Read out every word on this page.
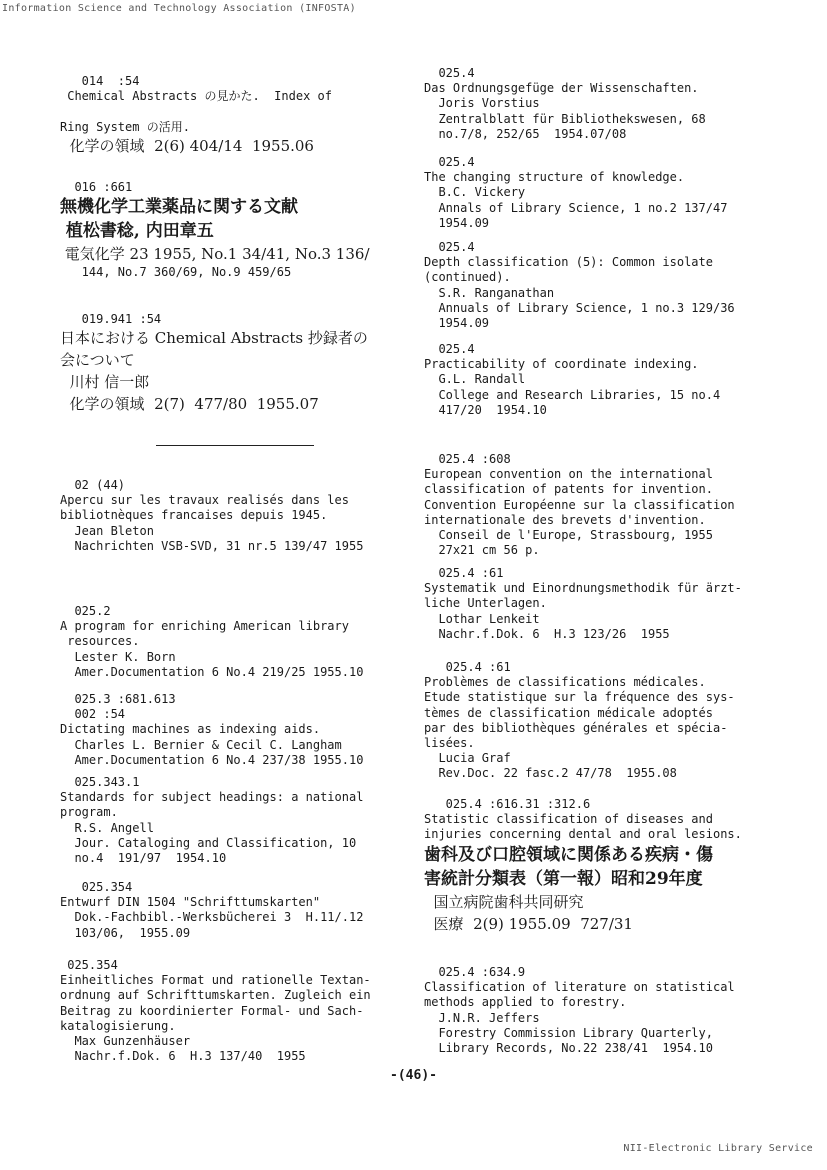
Information Science and Technology Association (INFOSTA)
014  :54
Chemical Abstracts の見かた.  Index of

Ring System の活用.
化学の領域  2(6) 404/14  1955.06
016 :661
無機化学工業薬品に関する文献
植松書稔, 内田章五
電気化学 23 1955, No.1 34/41, No.3 136/
144, No.7 360/69, No.9 459/65
019.941 :54
日本における Chemical Abstracts 抄録者の
会について
川村 信一郎
化学の領域  2(7)  477/80  1955.07
02 (44)
Apercu sur les travaux realisés dans les
bibliotnèques francaises depuis 1945.
Jean Bleton
Nachrichten VSB-SVD, 31 nr.5 139/47 1955
025.2
A program for enriching American library
resources.
Lester K. Born
Amer.Documentation 6 No.4 219/25 1955.10
025.3 :681.613
002 :54
Dictating machines as indexing aids.
Charles L. Bernier & Cecil C. Langham
Amer.Documentation 6 No.4 237/38 1955.10
025.343.1
Standards for subject headings: a national
program.
R.S. Angell
Jour. Cataloging and Classification, 10
no.4  191/97  1954.10
025.354
Entwurf DIN 1504 "Schrifttumskarten"
Dok.-Fachbibl.-Werksbücherei 3  H.11/.12
103/06,  1955.09
025.354
Einheitliches Format und rationelle Textan-
ordnung auf Schrifttumskarten. Zugleich ein
Beitrag zu koordinierter Formal- und Sach-
katalogisierung.
Max Gunzenhäuser
Nachr.f.Dok. 6  H.3 137/40  1955
025.4
Das Ordnungsgefüge der Wissenschaften.
Joris Vorstius
Zentralblatt für Bibliothekswesen, 68
no.7/8, 252/65  1954.07/08
025.4
The changing structure of knowledge.
B.C. Vickery
Annals of Library Science, 1 no.2 137/47
1954.09
025.4
Depth classification (5): Common isolate
(continued).
S.R. Ranganathan
Annuals of Library Science, 1 no.3 129/36
1954.09
025.4
Practicability of coordinate indexing.
G.L. Randall
College and Research Libraries, 15 no.4
417/20  1954.10
025.4 :608
European convention on the international
classification of patents for invention.
Convention Européenne sur la classification
internationale des brevets d'invention.
Conseil de l'Europe, Strassbourg, 1955
27x21 cm 56 p.
025.4 :61
Systematik und Einordnungsmethodik für ärzt-
liche Unterlagen.
Lothar Lenkeit
Nachr.f.Dok. 6  H.3 123/26  1955
025.4 :61
Problèmes de classifications médicales.
Etude statistique sur la fréquence des sys-
tèmes de classification médicale adoptés
par des bibliothèques générales et spécia-
lisées.
Lucia Graf
Rev.Doc. 22 fasc.2 47/78  1955.08
025.4 :616.31 :312.6
Statistic classification of diseases and
injuries concerning dental and oral lesions.
歯科及び口腔領域に関係ある疾病・傷
害統計分類表（第一報）昭和29年度
国立病院歯科共同研究
医療  2(9) 1955.09  727/31
025.4 :634.9
Classification of literature on statistical
methods applied to forestry.
J.N.R. Jeffers
Forestry Commission Library Quarterly,
Library Records, No.22 238/41  1954.10
-(46)-
NII-Electronic Library Service
